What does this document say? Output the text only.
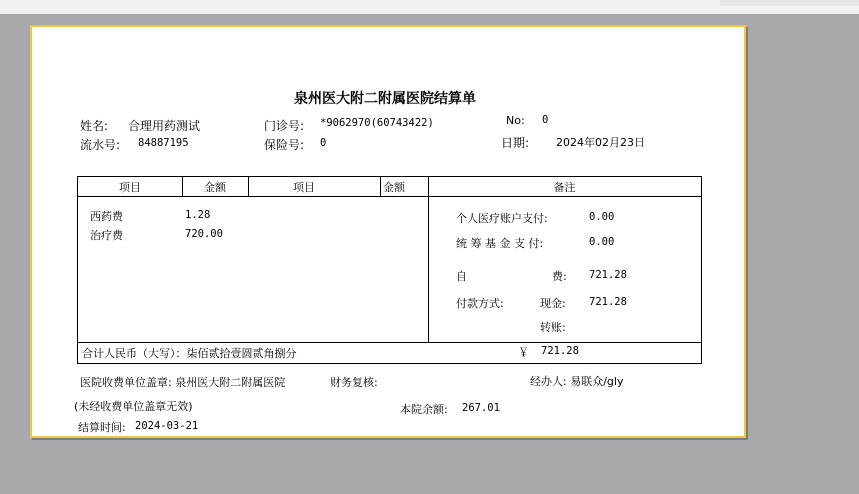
泉州医大附二附属医院结算单
姓名: 合理用药测试	门诊号: *9062970(60743422)	No: 0
流水号: 84887195	保险号: 0	日期: 2024年02月23日
项目	金额	项目	金额	备注
西药费	1.28
治疗费	720.00
个人医疗账户支付:	0.00
统 筹 基 金 支 付:	0.00
自	费: 721.28
付款方式:	现金: 721.28
转账:
合计人民币（大写）：柒佰贰拾壹圆贰角捌分	￥ 721.28
医院收费单位盖章: 泉州医大附二附属医院	财务复核:	经办人: 易联众/gly
(未经收费单位盖章无效)	本院余额: 267.01
结算时间: 2024-03-21
